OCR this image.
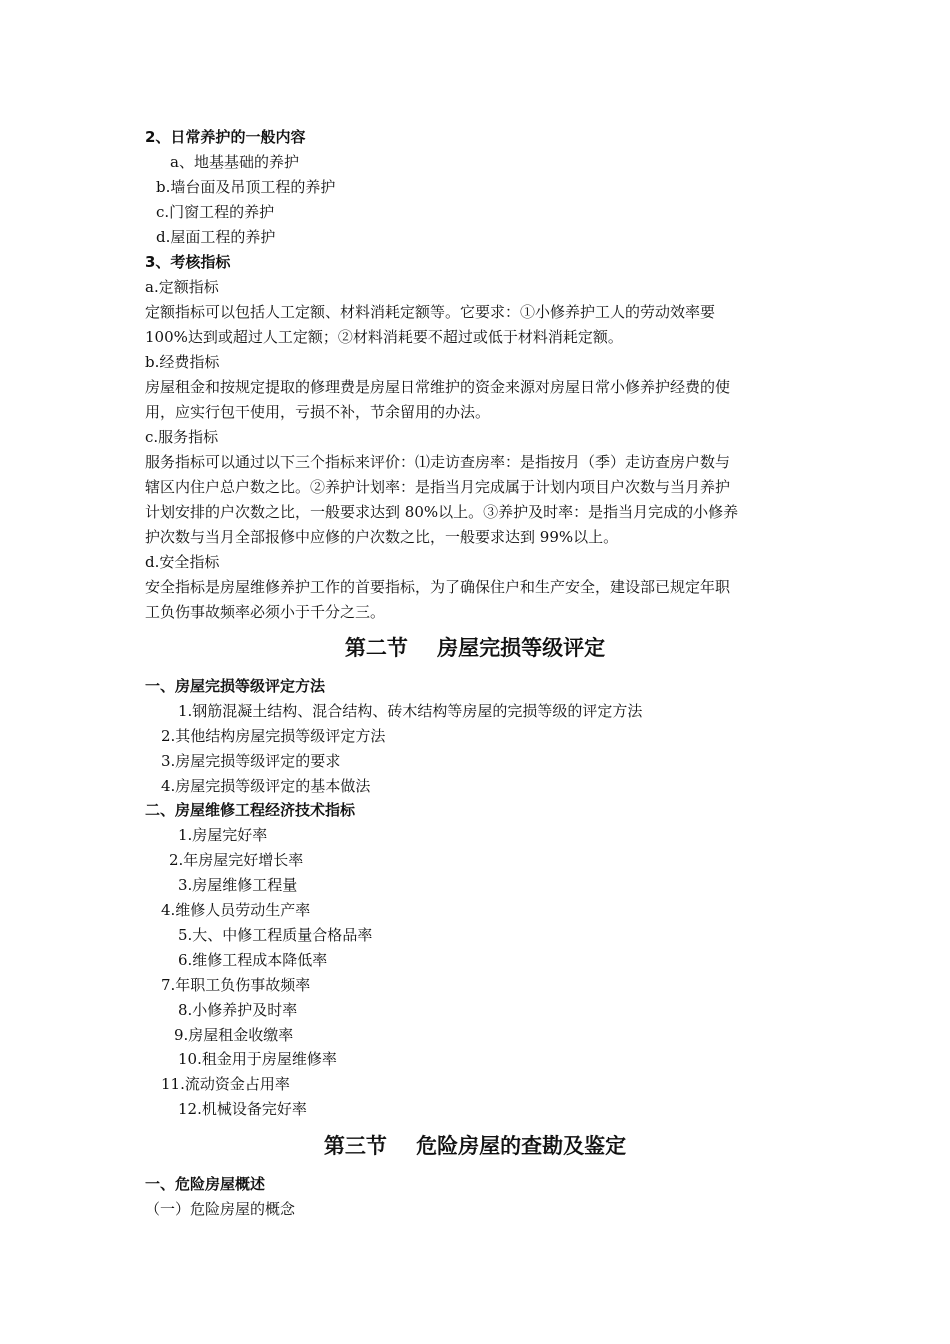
2、日常养护的一般内容
a、地基基础的养护
b.墙台面及吊顶工程的养护
c.门窗工程的养护
d.屋面工程的养护
3、考核指标
a.定额指标
定额指标可以包括人工定额、材料消耗定额等。它要求：①小修养护工人的劳动效率要
100%达到或超过人工定额；②材料消耗要不超过或低于材料消耗定额。
b.经费指标
房屋租金和按规定提取的修理费是房屋日常维护的资金来源对房屋日常小修养护经费的使
用，应实行包干使用，亏损不补，节余留用的办法。
c.服务指标
服务指标可以通过以下三个指标来评价：⑴走访查房率：是指按月（季）走访查房户数与
辖区内住户总户数之比。②养护计划率：是指当月完成属于计划内项目户次数与当月养护
计划安排的户次数之比，一般要求达到 80%以上。③养护及时率：是指当月完成的小修养
护次数与当月全部报修中应修的户次数之比，一般要求达到 99%以上。
d.安全指标
安全指标是房屋维修养护工作的首要指标，为了确保住户和生产安全，建设部已规定年职
工负伤事故频率必须小于千分之三。
第二节    房屋完损等级评定
一、房屋完损等级评定方法
1.钢筋混凝土结构、混合结构、砖木结构等房屋的完损等级的评定方法
2.其他结构房屋完损等级评定方法
3.房屋完损等级评定的要求
4.房屋完损等级评定的基本做法
二、房屋维修工程经济技术指标
1.房屋完好率
2.年房屋完好增长率
3.房屋维修工程量
4.维修人员劳动生产率
5.大、中修工程质量合格品率
6.维修工程成本降低率
7.年职工负伤事故频率
8.小修养护及时率
9.房屋租金收缴率
10.租金用于房屋维修率
11.流动资金占用率
12.机械设备完好率
第三节    危险房屋的查勘及鉴定
一、危险房屋概述
（一）危险房屋的概念
